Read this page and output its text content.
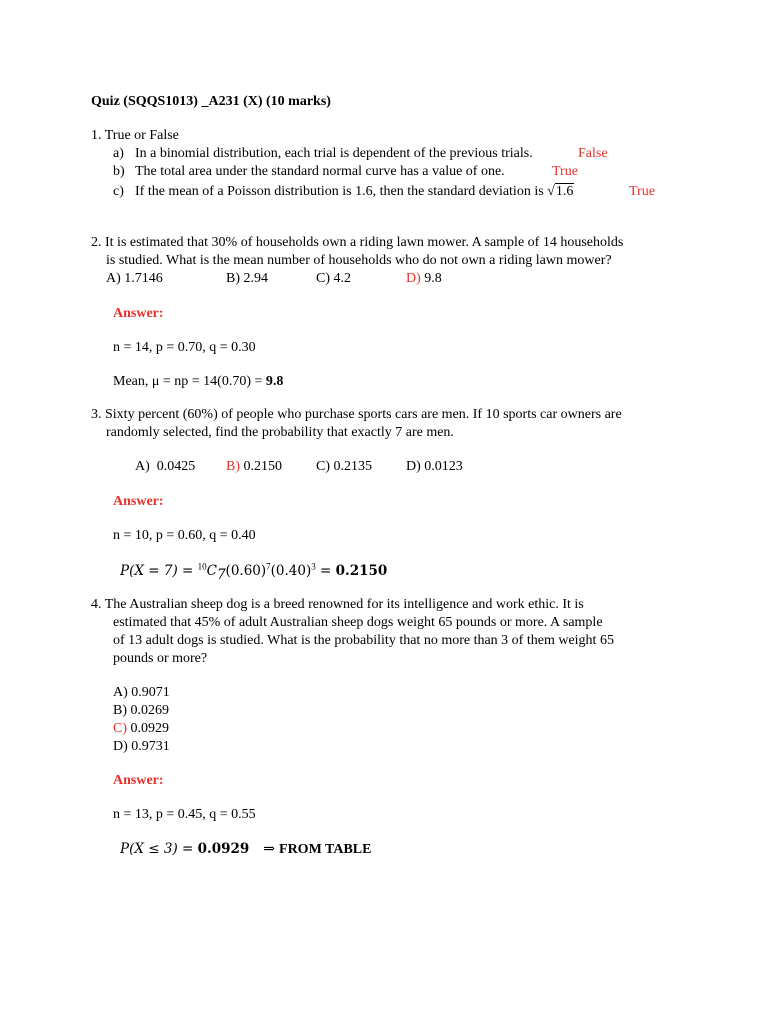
Quiz (SQQS1013) _A231 (X) (10 marks)
1. True or False
a) In a binomial distribution, each trial is dependent of the previous trials.	False
b) The total area under the standard normal curve has a value of one.	True
c) If the mean of a Poisson distribution is 1.6, then the standard deviation is √1.6	True
2. It is estimated that 30% of households own a riding lawn mower. A sample of 14 households
is studied. What is the mean number of households who do not own a riding lawn mower?
A) 1.7146	B) 2.94	C) 4.2	D) 9.8
Answer:
n = 14, p = 0.70, q = 0.30
Mean, μ = np = 14(0.70) = 9.8
3. Sixty percent (60%) of people who purchase sports cars are men. If 10 sports car owners are
randomly selected, find the probability that exactly 7 are men.
A)  0.0425 B) 0.2150 C) 0.2135 D) 0.0123
Answer:
n = 10, p = 0.60, q = 0.40
$P(X = 7) = ^{10}C_7(0.60)^7(0.40)^3 = 0.2150$
4. The Australian sheep dog is a breed renowned for its intelligence and work ethic. It is
estimated that 45% of adult Australian sheep dogs weight 65 pounds or more. A sample
of 13 adult dogs is studied. What is the probability that no more than 3 of them weight 65
pounds or more?
A) 0.9071
B) 0.0269
C) 0.0929
D) 0.9731
Answer:
n = 13, p = 0.45, q = 0.55
P(X ≤ 3) = 0.0929 ⇒ FROM TABLE
